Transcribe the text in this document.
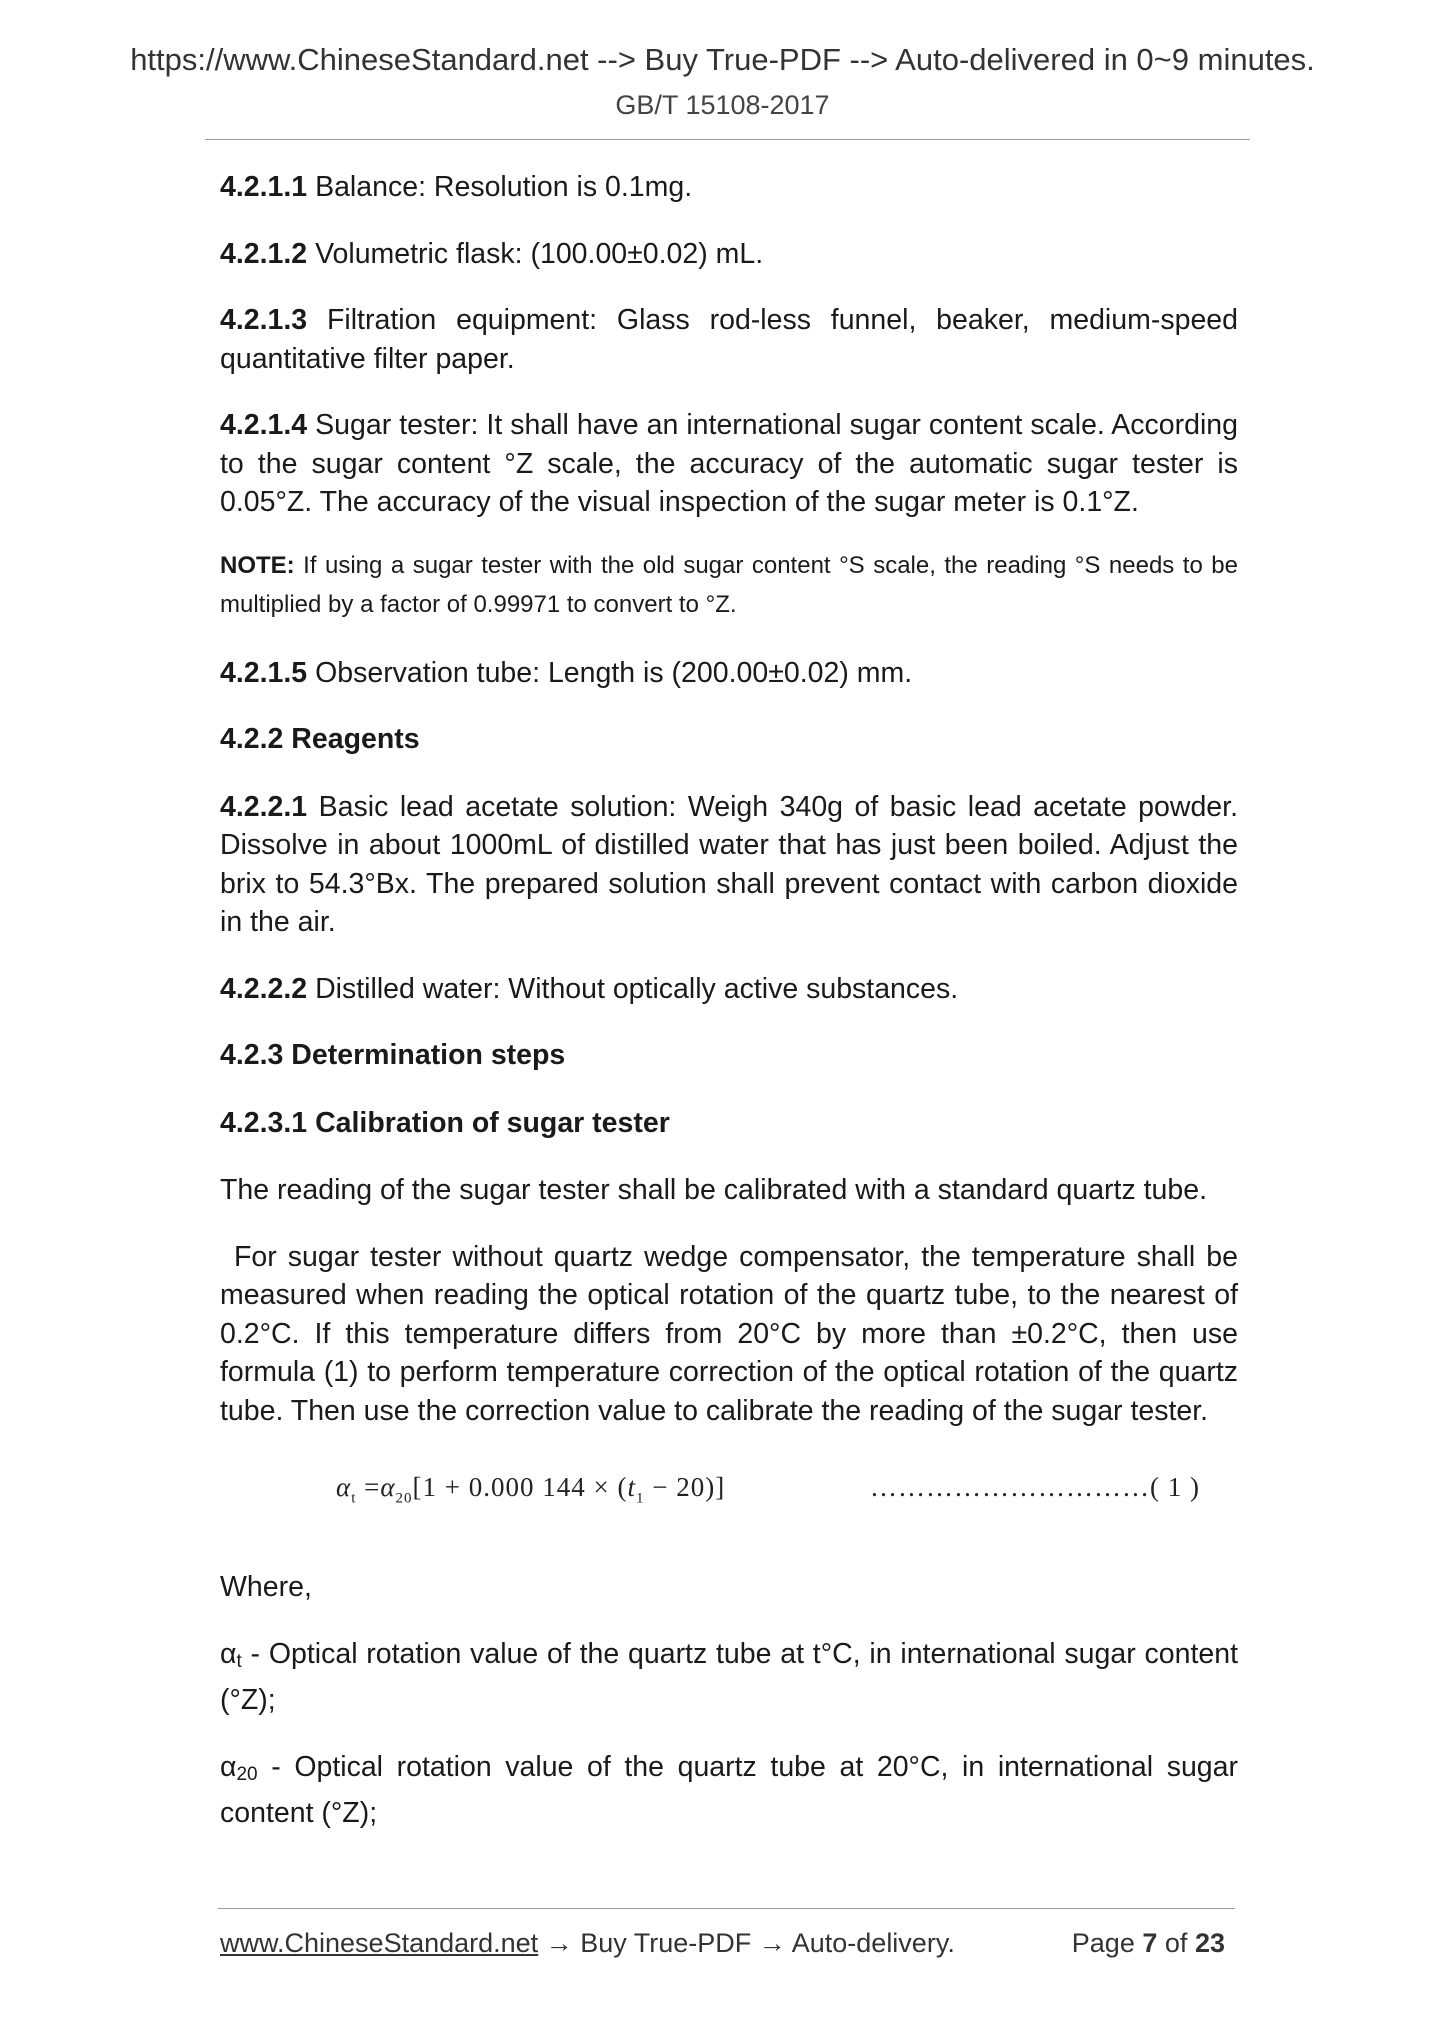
https://www.ChineseStandard.net --> Buy True-PDF --> Auto-delivered in 0~9 minutes.
GB/T 15108-2017

4.2.1.1 Balance: Resolution is 0.1mg.

4.2.1.2 Volumetric flask: (100.00±0.02) mL.

4.2.1.3 Filtration equipment: Glass rod-less funnel, beaker, medium-speed quantitative filter paper.

4.2.1.4 Sugar tester: It shall have an international sugar content scale. According to the sugar content °Z scale, the accuracy of the automatic sugar tester is 0.05°Z. The accuracy of the visual inspection of the sugar meter is 0.1°Z.

NOTE: If using a sugar tester with the old sugar content °S scale, the reading °S needs to be multiplied by a factor of 0.99971 to convert to °Z.

4.2.1.5 Observation tube: Length is (200.00±0.02) mm.

4.2.2 Reagents

4.2.2.1 Basic lead acetate solution: Weigh 340g of basic lead acetate powder. Dissolve in about 1000mL of distilled water that has just been boiled. Adjust the brix to 54.3°Bx. The prepared solution shall prevent contact with carbon dioxide in the air.

4.2.2.2 Distilled water: Without optically active substances.

4.2.3 Determination steps

4.2.3.1 Calibration of sugar tester

The reading of the sugar tester shall be calibrated with a standard quartz tube.

For sugar tester without quartz wedge compensator, the temperature shall be measured when reading the optical rotation of the quartz tube, to the nearest of 0.2°C. If this temperature differs from 20°C by more than ±0.2°C, then use formula (1) to perform temperature correction of the optical rotation of the quartz tube. Then use the correction value to calibrate the reading of the sugar tester.

$\alpha_t =\alpha_{20}[1 + 0.000$ $144 \times (t_1 - 20)$]	…………………………( 1 )

Where,

$\alpha_t$ - Optical rotation value of the quartz tube at t°C, in international sugar content (°Z);

$\alpha_{20}$ - Optical rotation value of the quartz tube at 20°C, in international sugar content (°Z);

www.ChineseStandard.net → Buy True-PDF → Auto-delivery.	Page 7 of 23
